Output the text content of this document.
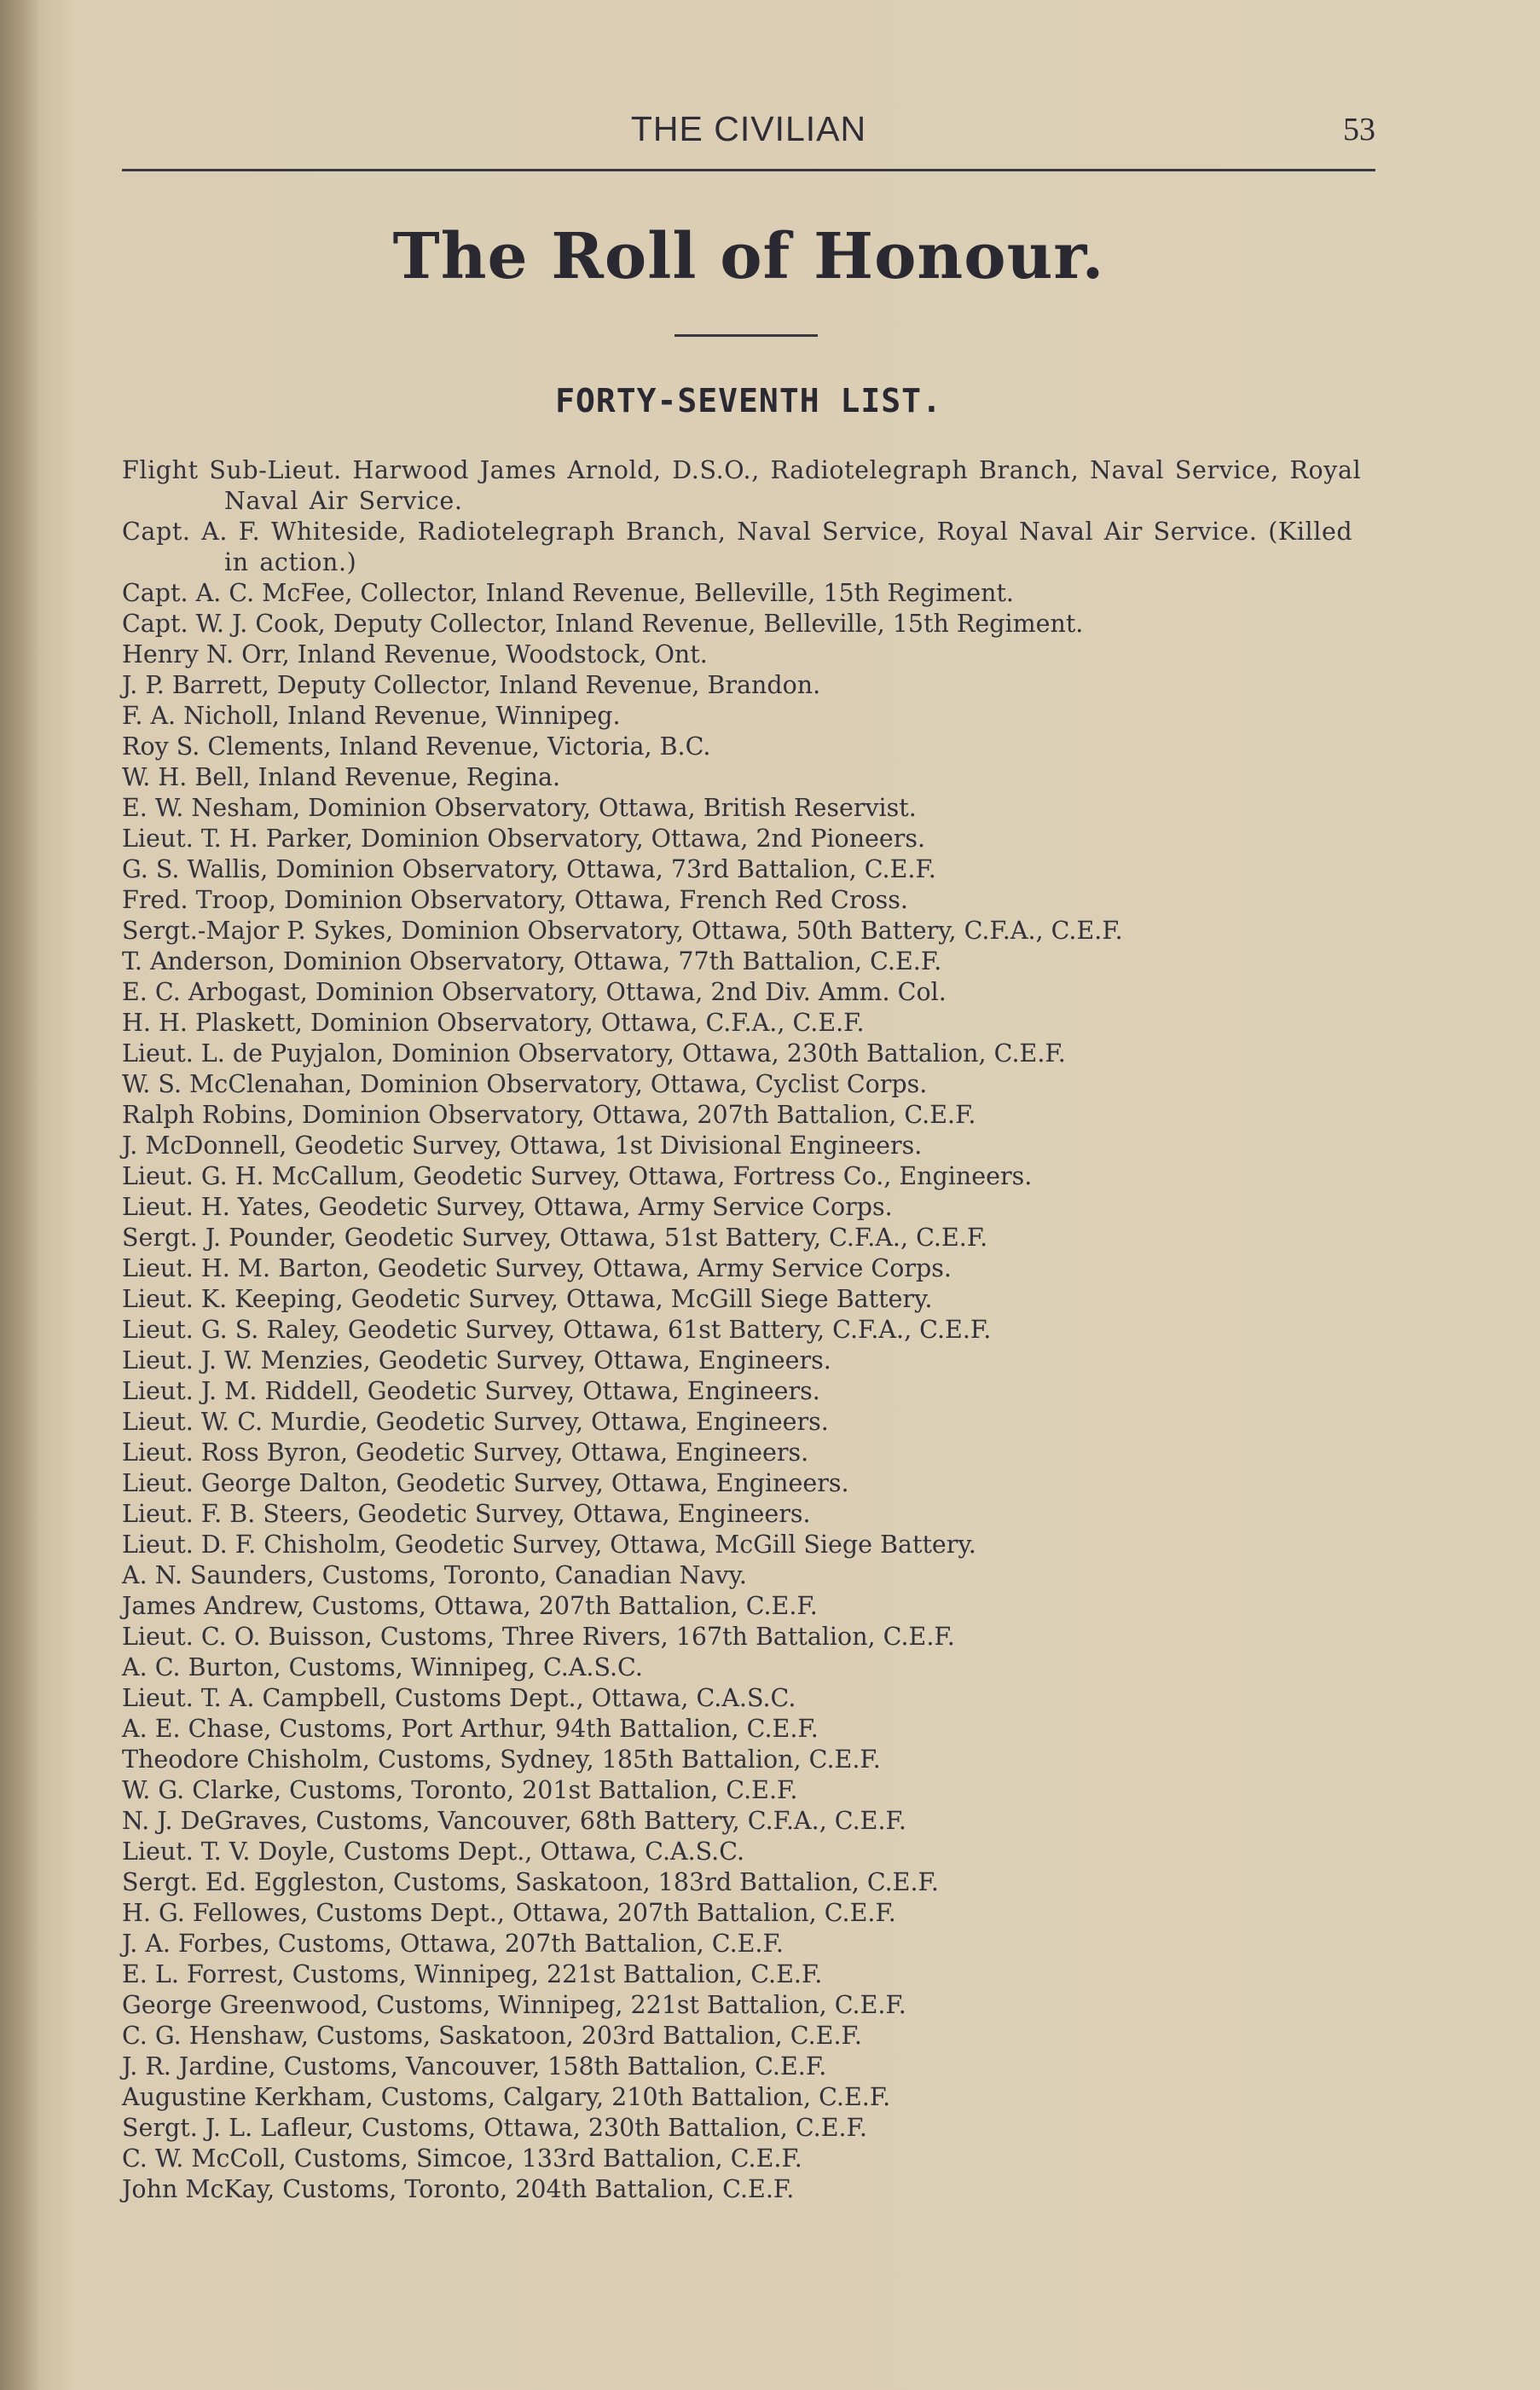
THE CIVILIAN	53
The Roll of Honour.
FORTY-SEVENTH LIST.
Flight Sub-Lieut. Harwood James Arnold, D.S.O., Radiotelegraph Branch, Naval Service, Royal Naval Air Service.
Capt. A. F. Whiteside, Radiotelegraph Branch, Naval Service, Royal Naval Air Service. (Killed in action.)
Capt. A. C. McFee, Collector, Inland Revenue, Belleville, 15th Regiment.
Capt. W. J. Cook, Deputy Collector, Inland Revenue, Belleville, 15th Regiment.
Henry N. Orr, Inland Revenue, Woodstock, Ont.
J. P. Barrett, Deputy Collector, Inland Revenue, Brandon.
F. A. Nicholl, Inland Revenue, Winnipeg.
Roy S. Clements, Inland Revenue, Victoria, B.C.
W. H. Bell, Inland Revenue, Regina.
E. W. Nesham, Dominion Observatory, Ottawa, British Reservist.
Lieut. T. H. Parker, Dominion Observatory, Ottawa, 2nd Pioneers.
G. S. Wallis, Dominion Observatory, Ottawa, 73rd Battalion, C.E.F.
Fred. Troop, Dominion Observatory, Ottawa, French Red Cross.
Sergt.-Major P. Sykes, Dominion Observatory, Ottawa, 50th Battery, C.F.A., C.E.F.
T. Anderson, Dominion Observatory, Ottawa, 77th Battalion, C.E.F.
E. C. Arbogast, Dominion Observatory, Ottawa, 2nd Div. Amm. Col.
H. H. Plaskett, Dominion Observatory, Ottawa, C.F.A., C.E.F.
Lieut. L. de Puyjalon, Dominion Observatory, Ottawa, 230th Battalion, C.E.F.
W. S. McClenahan, Dominion Observatory, Ottawa, Cyclist Corps.
Ralph Robins, Dominion Observatory, Ottawa, 207th Battalion, C.E.F.
J. McDonnell, Geodetic Survey, Ottawa, 1st Divisional Engineers.
Lieut. G. H. McCallum, Geodetic Survey, Ottawa, Fortress Co., Engineers.
Lieut. H. Yates, Geodetic Survey, Ottawa, Army Service Corps.
Sergt. J. Pounder, Geodetic Survey, Ottawa, 51st Battery, C.F.A., C.E.F.
Lieut. H. M. Barton, Geodetic Survey, Ottawa, Army Service Corps.
Lieut. K. Keeping, Geodetic Survey, Ottawa, McGill Siege Battery.
Lieut. G. S. Raley, Geodetic Survey, Ottawa, 61st Battery, C.F.A., C.E.F.
Lieut. J. W. Menzies, Geodetic Survey, Ottawa, Engineers.
Lieut. J. M. Riddell, Geodetic Survey, Ottawa, Engineers.
Lieut. W. C. Murdie, Geodetic Survey, Ottawa, Engineers.
Lieut. Ross Byron, Geodetic Survey, Ottawa, Engineers.
Lieut. George Dalton, Geodetic Survey, Ottawa, Engineers.
Lieut. F. B. Steers, Geodetic Survey, Ottawa, Engineers.
Lieut. D. F. Chisholm, Geodetic Survey, Ottawa, McGill Siege Battery.
A. N. Saunders, Customs, Toronto, Canadian Navy.
James Andrew, Customs, Ottawa, 207th Battalion, C.E.F.
Lieut. C. O. Buisson, Customs, Three Rivers, 167th Battalion, C.E.F.
A. C. Burton, Customs, Winnipeg, C.A.S.C.
Lieut. T. A. Campbell, Customs Dept., Ottawa, C.A.S.C.
A. E. Chase, Customs, Port Arthur, 94th Battalion, C.E.F.
Theodore Chisholm, Customs, Sydney, 185th Battalion, C.E.F.
W. G. Clarke, Customs, Toronto, 201st Battalion, C.E.F.
N. J. DeGraves, Customs, Vancouver, 68th Battery, C.F.A., C.E.F.
Lieut. T. V. Doyle, Customs Dept., Ottawa, C.A.S.C.
Sergt. Ed. Eggleston, Customs, Saskatoon, 183rd Battalion, C.E.F.
H. G. Fellowes, Customs Dept., Ottawa, 207th Battalion, C.E.F.
J. A. Forbes, Customs, Ottawa, 207th Battalion, C.E.F.
E. L. Forrest, Customs, Winnipeg, 221st Battalion, C.E.F.
George Greenwood, Customs, Winnipeg, 221st Battalion, C.E.F.
C. G. Henshaw, Customs, Saskatoon, 203rd Battalion, C.E.F.
J. R. Jardine, Customs, Vancouver, 158th Battalion, C.E.F.
Augustine Kerkham, Customs, Calgary, 210th Battalion, C.E.F.
Sergt. J. L. Lafleur, Customs, Ottawa, 230th Battalion, C.E.F.
C. W. McColl, Customs, Simcoe, 133rd Battalion, C.E.F.
John McKay, Customs, Toronto, 204th Battalion, C.E.F.
